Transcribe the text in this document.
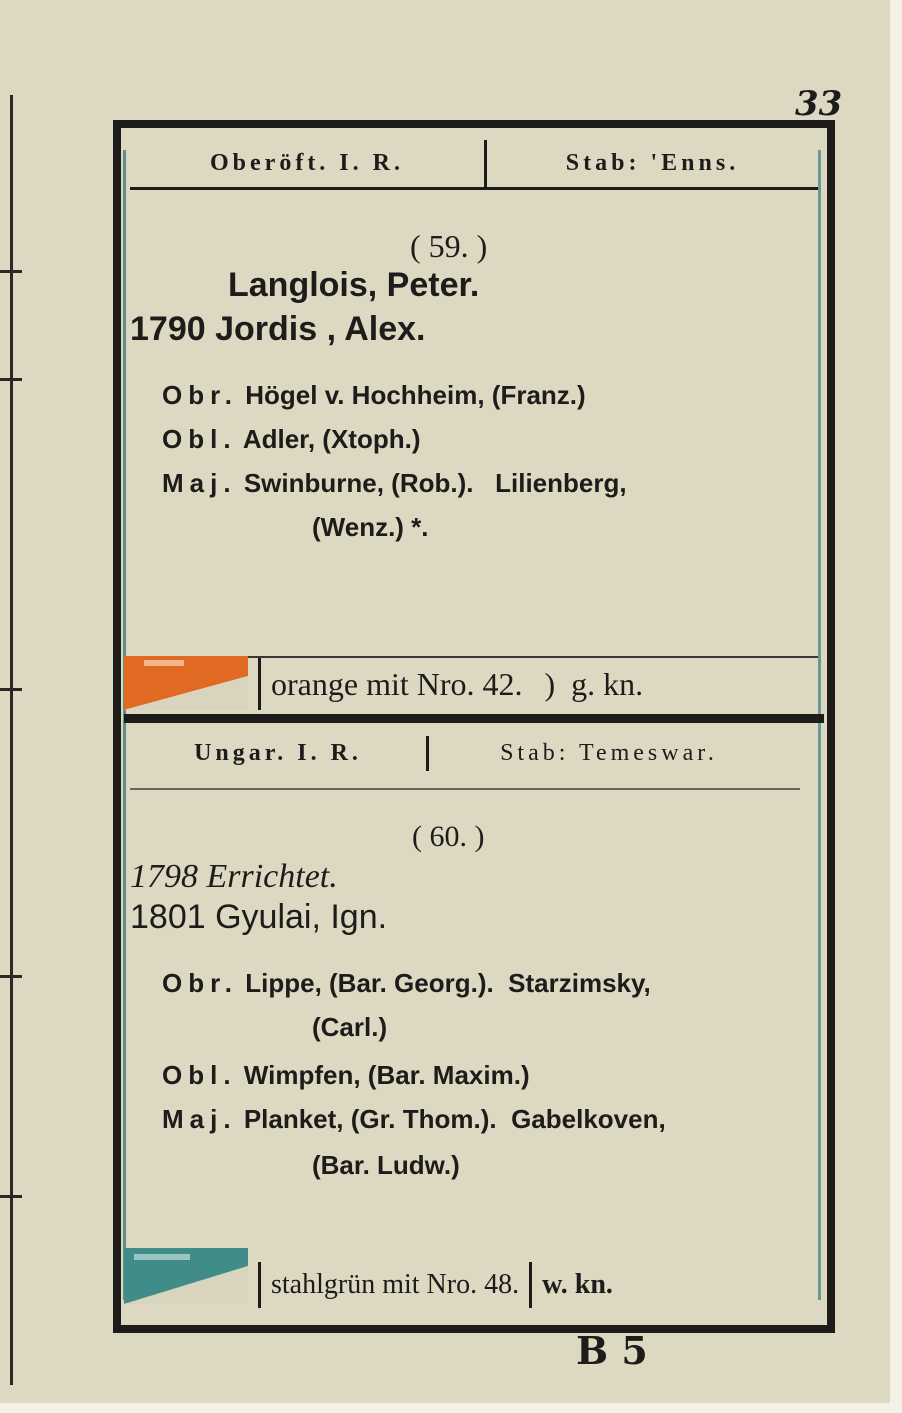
33
Oberöft. I. R.	Stab: 'Enns.
( 59. )
Langlois, Peter.
1790 Jordis , Alex.
Obr. Högel v. Hochheim, (Franz.)
Obl. Adler, (Xtoph.)
Maj. Swinburne, (Rob.).   Lilienberg,
(Wenz.) *.
orange mit Nro. 42. ) g. kn.
Ungar. I. R.	Stab: Temeswar.
( 60. )
1798 Errichtet.
1801 Gyulai, Ign.
Obr. Lippe, (Bar. Georg.).  Starzimsky,
(Carl.)
Obl. Wimpfen, (Bar. Maxim.)
Maj. Planket, (Gr. Thom.).  Gabelkoven,
(Bar. Ludw.)
stahlgrün mit Nro. 48. w. kn.
B 5
